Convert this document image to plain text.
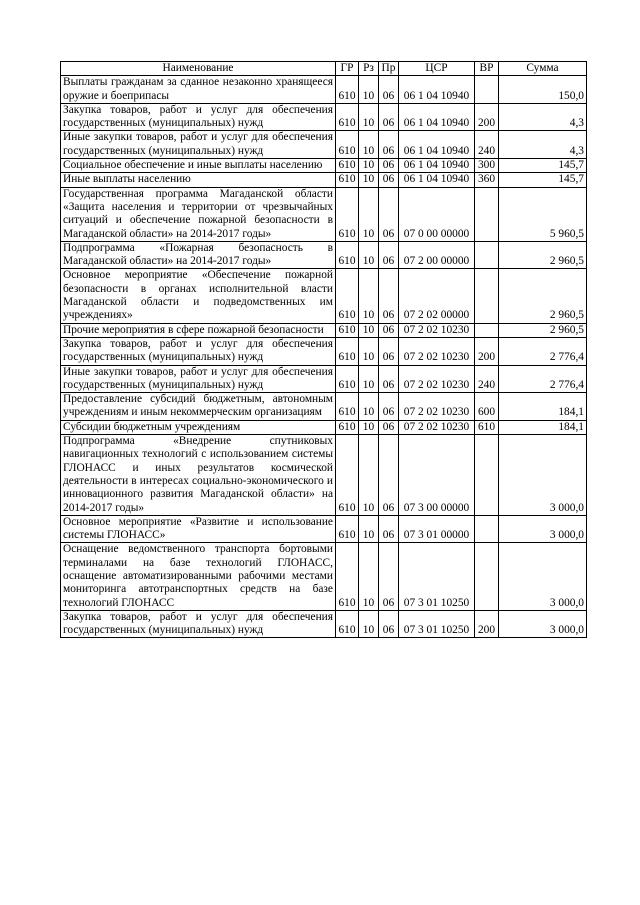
Наименование	ГР	Рз	Пр	ЦСР	ВР	Сумма
Выплаты гражданам за сданное незаконно хранящееся оружие и боеприпасы	610	10	06	06 1 04 10940		150,0
Закупка товаров, работ и услуг для обеспечения государственных (муниципальных) нужд	610	10	06	06 1 04 10940	200	4,3
Иные закупки товаров, работ и услуг для обеспечения государственных (муниципальных) нужд	610	10	06	06 1 04 10940	240	4,3
Социальное обеспечение и иные выплаты населению	610	10	06	06 1 04 10940	300	145,7
Иные выплаты населению	610	10	06	06 1 04 10940	360	145,7
Государственная программа Магаданской области «Защита населения и территории от чрезвычайных ситуаций и обеспечение пожарной безопасности в Магаданской области» на 2014-2017 годы»	610	10	06	07 0 00 00000		5 960,5
Подпрограмма «Пожарная безопасность в Магаданской области» на 2014-2017 годы»	610	10	06	07 2 00 00000		2 960,5
Основное мероприятие «Обеспечение пожарной безопасности в органах исполнительной власти Магаданской области и подведомственных им учреждениях»	610	10	06	07 2 02 00000		2 960,5
Прочие мероприятия в сфере пожарной безопасности	610	10	06	07 2 02 10230		2 960,5
Закупка товаров, работ и услуг для обеспечения государственных (муниципальных) нужд	610	10	06	07 2 02 10230	200	2 776,4
Иные закупки товаров, работ и услуг для обеспечения государственных (муниципальных) нужд	610	10	06	07 2 02 10230	240	2 776,4
Предоставление субсидий бюджетным, автономным учреждениям и иным некоммерческим организациям	610	10	06	07 2 02 10230	600	184,1
Субсидии бюджетным учреждениям	610	10	06	07 2 02 10230	610	184,1
Подпрограмма «Внедрение спутниковых навигационных технологий с использованием системы ГЛОНАСС и иных результатов космической деятельности в интересах социально-экономического и инновационного развития Магаданской области» на 2014-2017 годы»	610	10	06	07 3 00 00000		3 000,0
Основное мероприятие «Развитие и использование системы ГЛОНАСС»	610	10	06	07 3 01 00000		3 000,0
Оснащение ведомственного транспорта бортовыми терминалами на базе технологий ГЛОНАСС, оснащение автоматизированными рабочими местами мониторинга автотранспортных средств на базе технологий ГЛОНАСС	610	10	06	07 3 01 10250		3 000,0
Закупка товаров, работ и услуг для обеспечения государственных (муниципальных) нужд	610	10	06	07 3 01 10250	200	3 000,0
